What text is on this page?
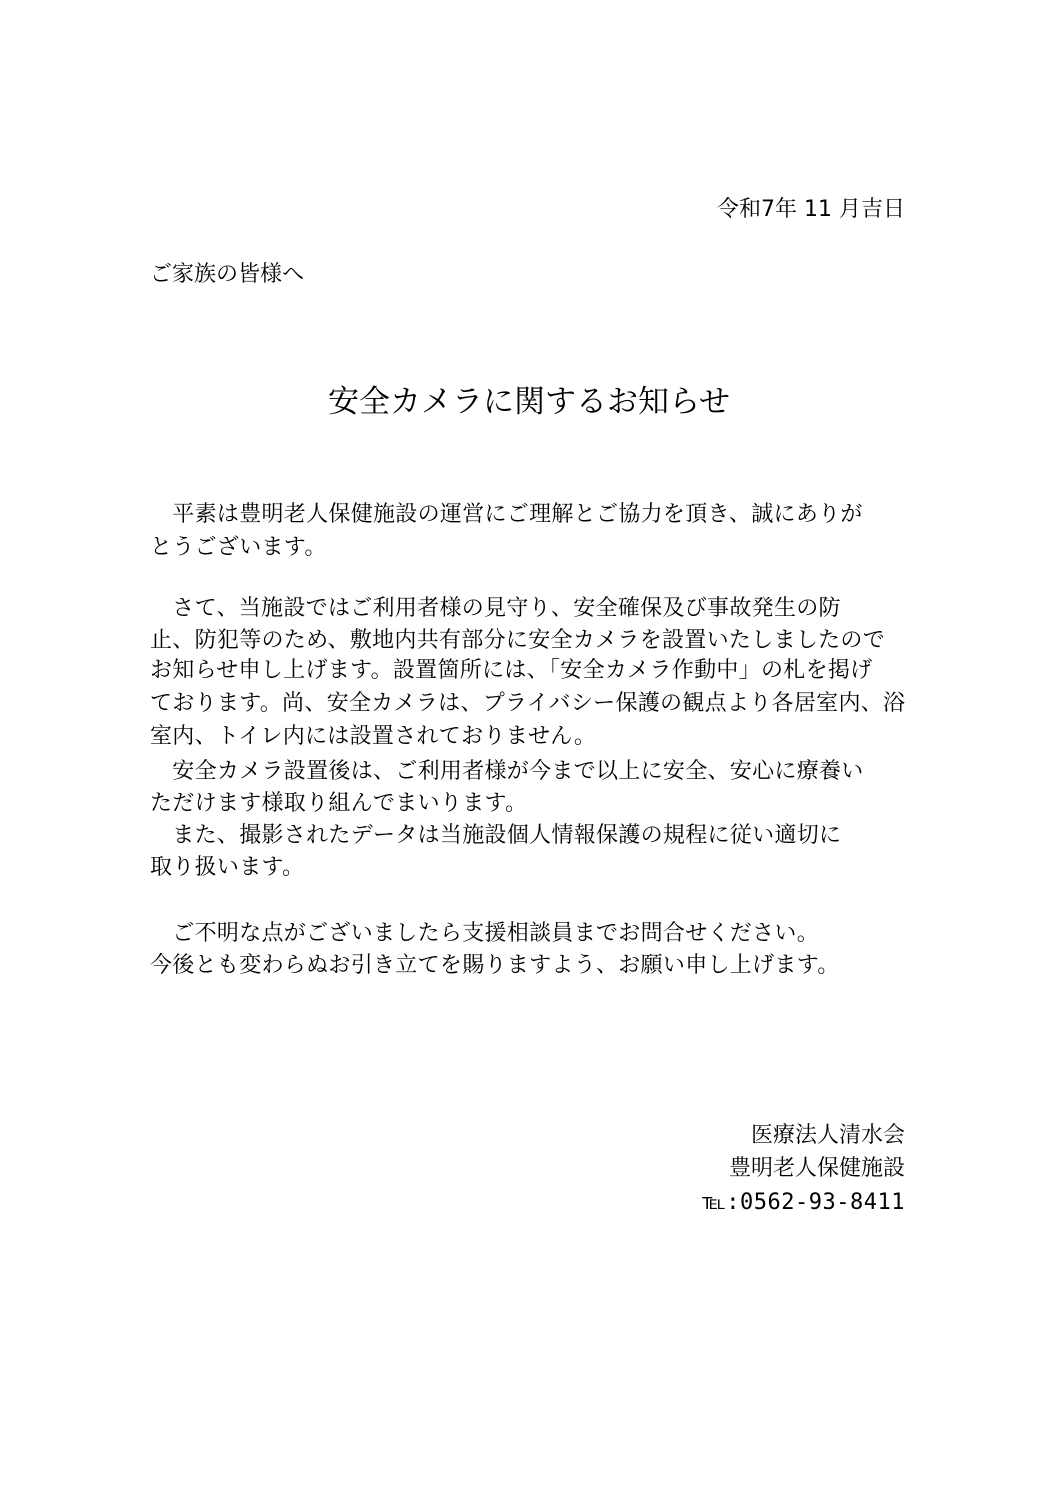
令和7年 11 月吉日
ご家族の皆様へ
安全カメラに関するお知らせ
　平素は豊明老人保健施設の運営にご理解とご協力を頂き、誠にありが
とうございます。
　さて、当施設ではご利用者様の見守り、安全確保及び事故発生の防
止、防犯等のため、敷地内共有部分に安全カメラを設置いたしましたので
お知らせ申し上げます。設置箇所には、「安全カメラ作動中」の札を掲げ
ております。尚、安全カメラは、プライバシー保護の観点より各居室内、浴
室内、トイレ内には設置されておりません。
　安全カメラ設置後は、ご利用者様が今まで以上に安全、安心に療養い
ただけます様取り組んでまいります。
　また、撮影されたデータは当施設個人情報保護の規程に従い適切に
取り扱います。
　ご不明な点がございましたら支援相談員までお問合せください。
今後とも変わらぬお引き立てを賜りますよう、お願い申し上げます。
医療法人清水会
豊明老人保健施設
℡:0562-93-8411
